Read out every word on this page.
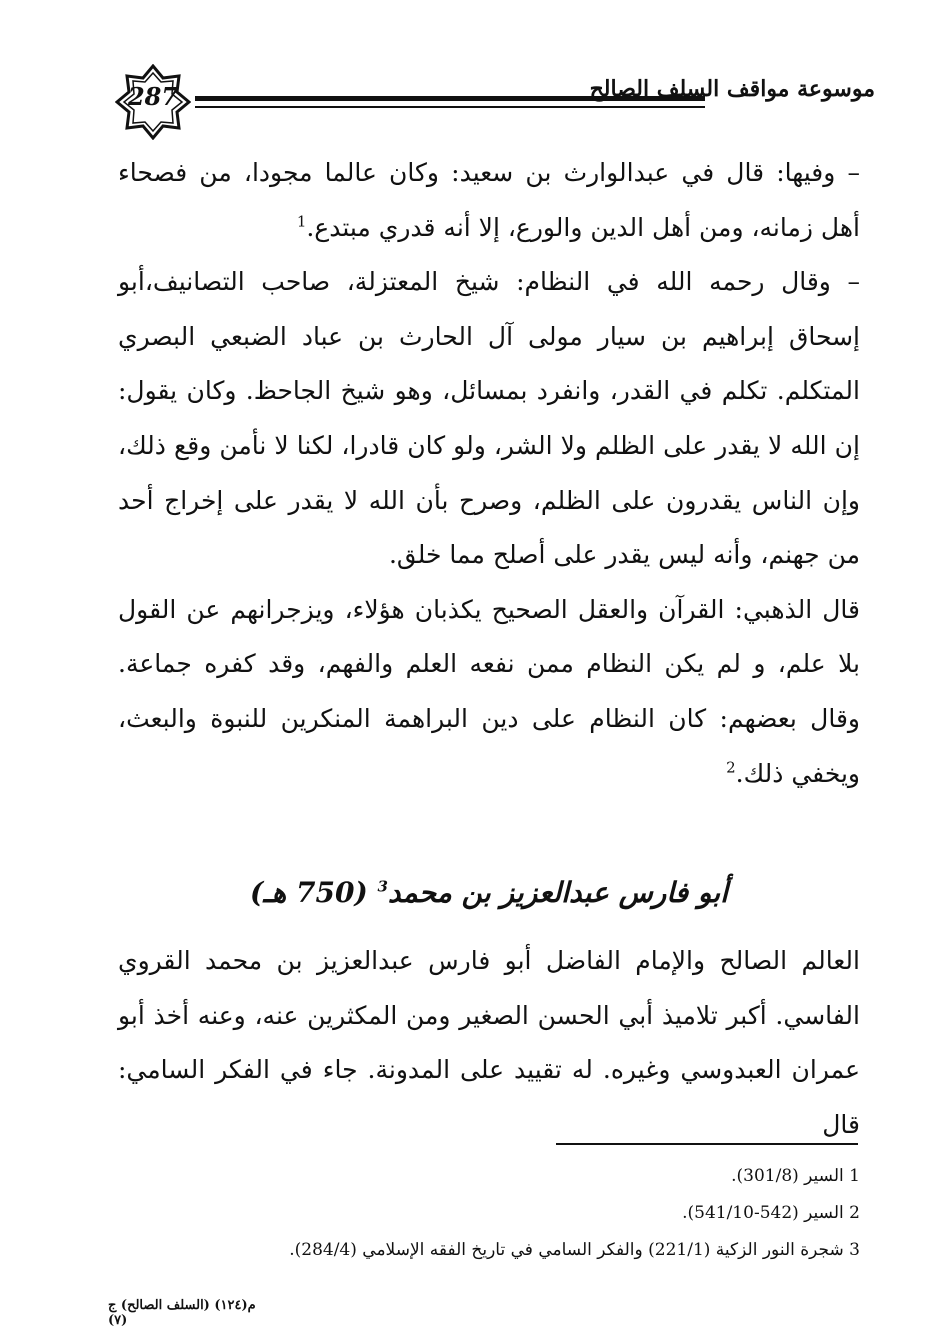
287	موسوعة مواقف السلف الصالح

– وفيها: قال في عبدالوارث بن سعيد: وكان عالما مجودا، من فصحاء أهل زمانه، ومن أهل الدين والورع، إلا أنه قدري مبتدع.$^1$

– وقال رحمه الله في النظام: شيخ المعتزلة، صاحب التصانيف،أبو إسحاق إبراهيم بن سيار مولى آل الحارث بن عباد الضبعي البصري المتكلم. تكلم في القدر، وانفرد بمسائل، وهو شيخ الجاحظ. وكان يقول: إن الله لا يقدر على الظلم ولا الشر، ولو كان قادرا، لكنا لا نأمن وقع ذلك، وإن الناس يقدرون على الظلم، وصرح بأن الله لا يقدر على إخراج أحد من جهنم، وأنه ليس يقدر على أصلح مما خلق.

قال الذهبي: القرآن والعقل الصحيح يكذبان هؤلاء، ويزجرانهم عن القول بلا علم، و لم يكن النظام ممن نفعه العلم والفهم، وقد كفره جماعة. وقال بعضهم: كان النظام على دين البراهمة المنكرين للنبوة والبعث، ويخفي ذلك.$^2$

أبو فارس عبدالعزيز بن محمد$^3$ (750 هـ)

العالم الصالح والإمام الفاضل أبو فارس عبدالعزيز بن محمد القروي الفاسي. أكبر تلاميذ أبي الحسن الصغير ومن المكثرين عنه، وعنه أخذ أبو عمران العبدوسي وغيره. له تقييد على المدونة. جاء في الفكر السامي: قال

1 السير (301/8).

2 السير (542-541/10).

3 شجرة النور الزكية (221/1) والفكر السامي في تاريخ الفقه الإسلامي (284/4).

م(١٢٤) (السلف الصالح) ج (٧)
